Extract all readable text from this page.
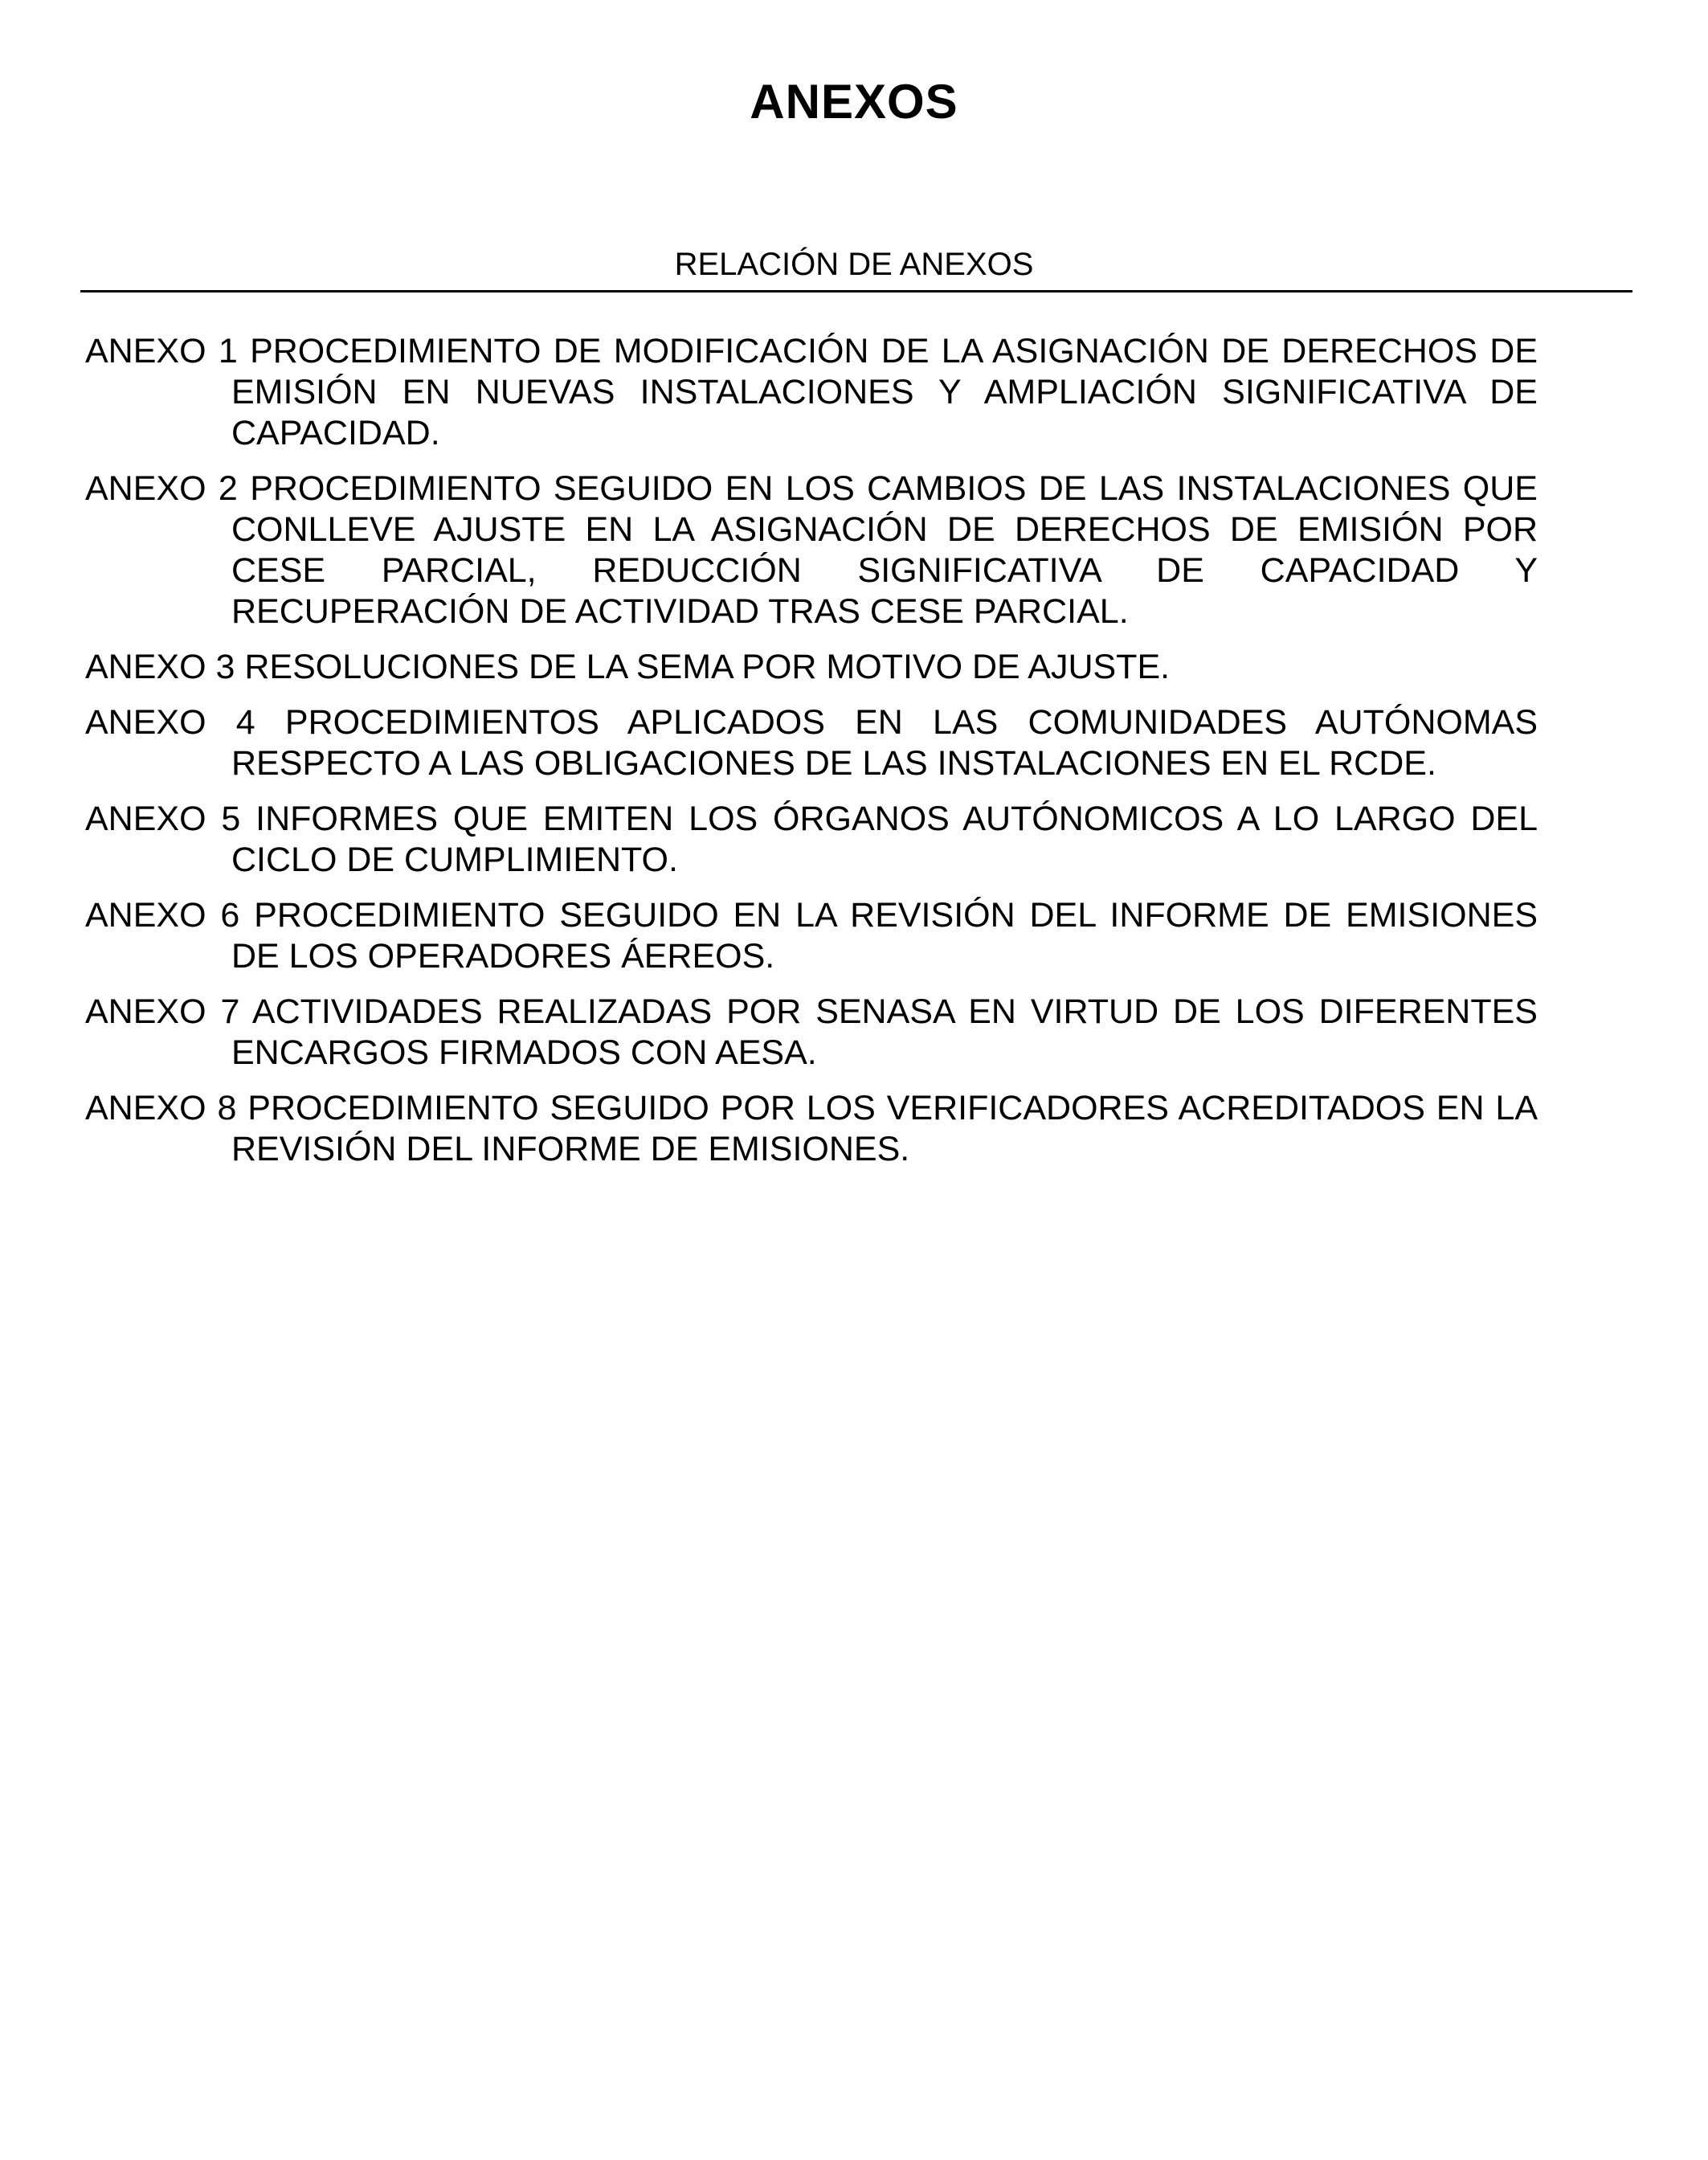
ANEXOS
RELACIÓN DE ANEXOS
ANEXO 1 PROCEDIMIENTO DE MODIFICACIÓN DE LA ASIGNACIÓN DE DERECHOS DE EMISIÓN EN NUEVAS INSTALACIONES Y AMPLIACIÓN SIGNIFICATIVA DE CAPACIDAD.
ANEXO 2 PROCEDIMIENTO SEGUIDO EN LOS CAMBIOS DE LAS INSTALACIONES QUE CONLLEVE AJUSTE EN LA ASIGNACIÓN DE DERECHOS DE EMISIÓN POR CESE PARCIAL, REDUCCIÓN SIGNIFICATIVA DE CAPACIDAD Y RECUPERACIÓN DE ACTIVIDAD TRAS CESE PARCIAL.
ANEXO 3 RESOLUCIONES DE LA SEMA POR MOTIVO DE AJUSTE.
ANEXO 4 PROCEDIMIENTOS APLICADOS EN LAS COMUNIDADES AUTÓNOMAS RESPECTO A LAS OBLIGACIONES DE LAS INSTALACIONES EN EL RCDE.
ANEXO 5 INFORMES QUE EMITEN LOS ÓRGANOS AUTÓNOMICOS A LO LARGO DEL CICLO DE CUMPLIMIENTO.
ANEXO 6 PROCEDIMIENTO SEGUIDO EN LA REVISIÓN DEL INFORME DE EMISIONES DE LOS OPERADORES ÁEREOS.
ANEXO 7 ACTIVIDADES REALIZADAS POR SENASA EN VIRTUD DE LOS DIFERENTES ENCARGOS FIRMADOS CON AESA.
ANEXO 8 PROCEDIMIENTO SEGUIDO POR LOS VERIFICADORES ACREDITADOS EN LA REVISIÓN DEL INFORME DE EMISIONES.
